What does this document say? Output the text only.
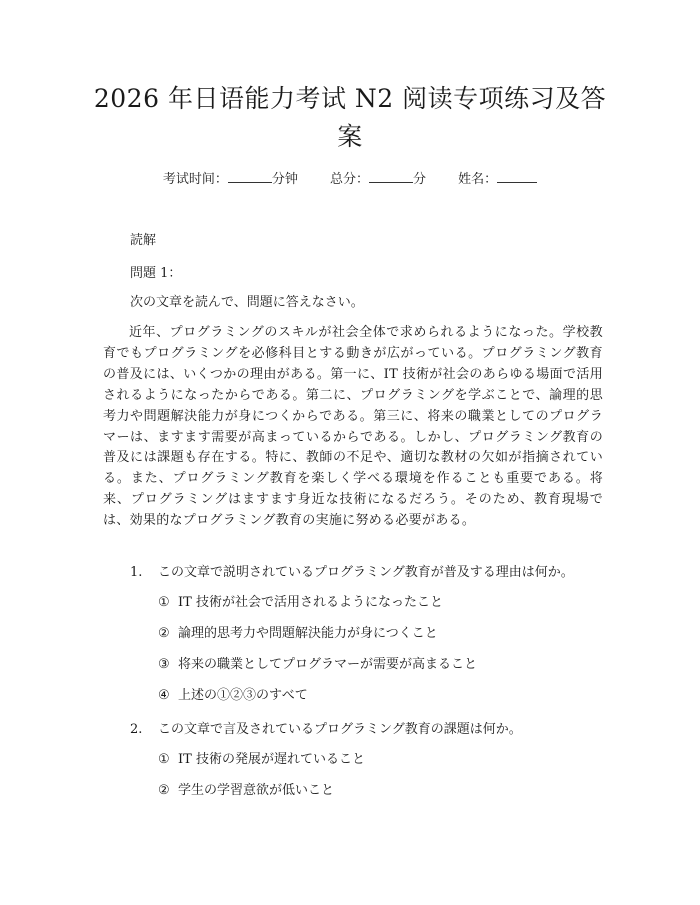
2026 年日语能力考试 N2 阅读专项练习及答
案
考试时间：	分钟 总分：	分 姓名：
読解
問題 1：
次の文章を読んで、問題に答えなさい。
近年、プログラミングのスキルが社会全体で求められるようになった。学校教育でもプログラミングを必修科目とする動きが広がっている。プログラミング教育の普及には、いくつかの理由がある。第一に、IT 技術が社会のあらゆる場面で活用されるようになったからである。第二に、プログラミングを学ぶことで、論理的思考力や問題解決能力が身につくからである。第三に、将来の職業としてのプログラマーは、ますます需要が高まっているからである。しかし、プログラミング教育の普及には課題も存在する。特に、教師の不足や、適切な教材の欠如が指摘されている。また、プログラミング教育を楽しく学べる環境を作ることも重要である。将来、プログラミングはますます身近な技術になるだろう。そのため、教育現場では、効果的なプログラミング教育の実施に努める必要がある。
1. この文章で説明されているプログラミング教育が普及する理由は何か。
① IT 技術が社会で活用されるようになったこと
② 論理的思考力や問題解決能力が身につくこと
③ 将来の職業としてプログラマーが需要が高まること
④ 上述の①②③のすべて
2. この文章で言及されているプログラミング教育の課題は何か。
① IT 技術の発展が遅れていること
② 学生の学習意欲が低いこと
